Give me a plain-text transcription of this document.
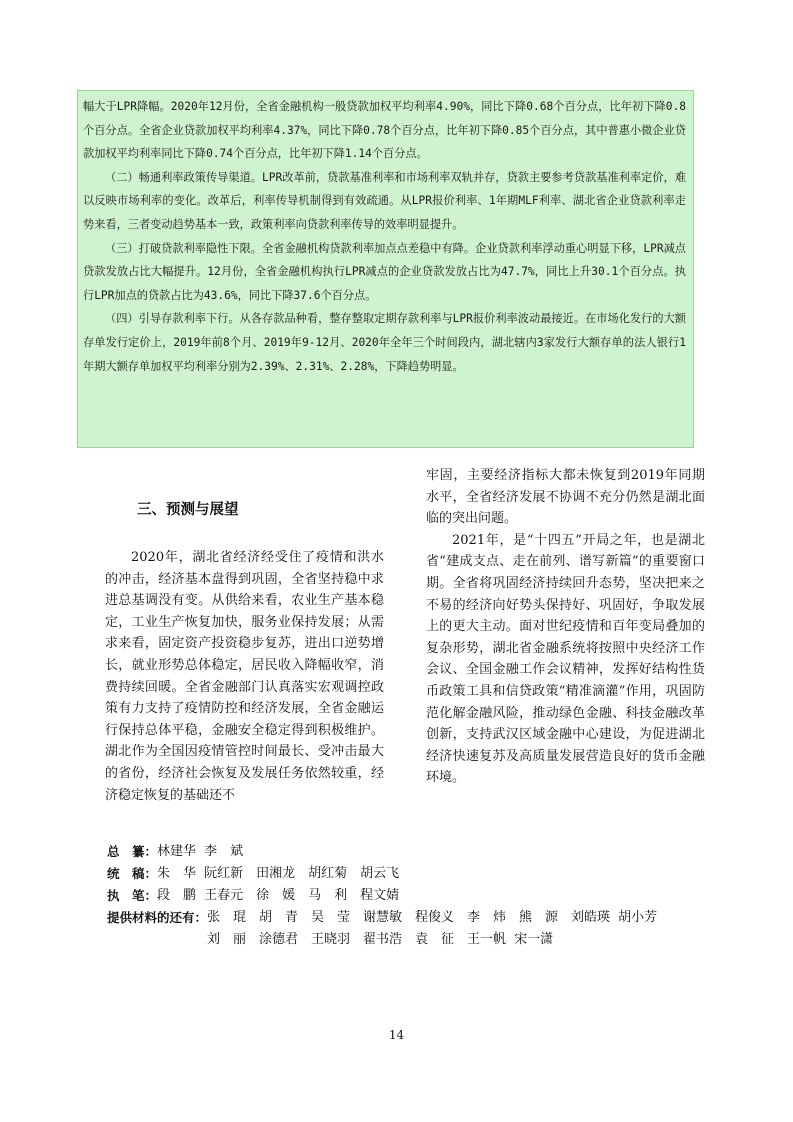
幅大于LPR降幅。2020年12月份，全省金融机构一般贷款加权平均利率4.90%，同比下降0.68个百分点，比年初下降0.8个百分点。全省企业贷款加权平均利率4.37%，同比下降0.78个百分点，比年初下降0.85个百分点，其中普惠小微企业贷款加权平均利率同比下降0.74个百分点，比年初下降1.14个百分点。

（二）畅通利率政策传导渠道。LPR改革前，贷款基准利率和市场利率双轨并存，贷款主要参考贷款基准利率定价，难以反映市场利率的变化。改革后，利率传导机制得到有效疏通。从LPR报价利率、1年期MLF利率、湖北省企业贷款利率走势来看，三者变动趋势基本一致，政策利率向贷款利率传导的效率明显提升。

（三）打破贷款利率隐性下限。全省金融机构贷款利率加点点差稳中有降。企业贷款利率浮动重心明显下移，LPR减点贷款发放占比大幅提升。12月份，全省金融机构执行LPR减点的企业贷款发放占比为47.7%，同比上升30.1个百分点。执行LPR加点的贷款占比为43.6%，同比下降37.6个百分点。

（四）引导存款利率下行。从各存款品种看，整存整取定期存款利率与LPR报价利率波动最接近。在市场化发行的大额存单发行定价上，2019年前8个月、2019年9-12月、2020年全年三个时间段内，湖北辖内3家发行大额存单的法人银行1年期大额存单加权平均利率分别为2.39%、2.31%、2.28%，下降趋势明显。

三、预测与展望

2020年，湖北省经济经受住了疫情和洪水的冲击，经济基本盘得到巩固，全省坚持稳中求进总基调没有变。从供给来看，农业生产基本稳定，工业生产恢复加快，服务业保持发展；从需求来看，固定资产投资稳步复苏，进出口逆势增长，就业形势总体稳定，居民收入降幅收窄，消费持续回暖。全省金融部门认真落实宏观调控政策有力支持了疫情防控和经济发展，全省金融运行保持总体平稳，金融安全稳定得到积极维护。湖北作为全国因疫情管控时间最长、受冲击最大的省份，经济社会恢复及发展任务依然较重，经济稳定恢复的基础还不

牢固，主要经济指标大都未恢复到2019年同期水平，全省经济发展不协调不充分仍然是湖北面临的突出问题。

2021年，是“十四五”开局之年，也是湖北省“建成支点、走在前列、谱写新篇”的重要窗口期。全省将巩固经济持续回升态势，坚决把来之不易的经济向好势头保持好、巩固好，争取发展上的更大主动。面对世纪疫情和百年变局叠加的复杂形势，湖北省金融系统将按照中央经济工作会议、全国金融工作会议精神，发挥好结构性货币政策工具和信贷政策“精准滴灌”作用，巩固防范化解金融风险，推动绿色金融、科技金融改革创新，支持武汉区域金融中心建设，为促进湖北经济快速复苏及高质量发展营造良好的货币金融环境。

总　纂： 林建华 李　斌
统　稿： 朱　华 阮红新　田湘龙　胡红菊　胡云飞
执　笔： 段　鹏 王春元　徐　媛　马　利　程文婧
提供材料的还有： 张　琨　胡　青　吴　莹　谢慧敏　程俊义　李　炜　熊　源　刘皓瑛 胡小芳
刘　丽　涂德君　王晓羽　翟书浩　袁　征　王一帆 宋一潇
14
